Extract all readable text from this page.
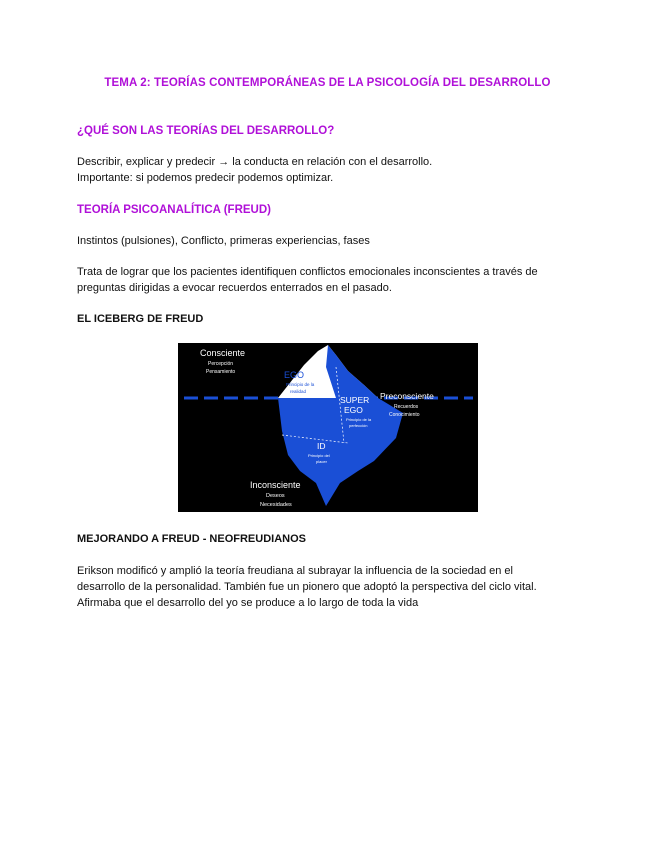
TEMA 2: TEORÍAS CONTEMPORÁNEAS DE LA PSICOLOGÍA DEL DESARROLLO
¿QUÉ SON LAS TEORÍAS DEL DESARROLLO?
Describir, explicar y predecir → la conducta en relación con el desarrollo.
Importante: si podemos predecir podemos optimizar.
TEORÍA PSICOANALÍTICA (FREUD)
Instintos (pulsiones), Conflicto, primeras experiencias, fases
Trata de lograr que los pacientes identifiquen conflictos emocionales inconscientes a través de
preguntas dirigidas a evocar recuerdos enterrados en el pasado.
EL ICEBERG DE FREUD
Consciente
Percepción
Pensamiento	EGO
Principio de la
realidad
SUPER
EGO
Principio de la
perfección
Preconsciente
Recuerdos
Conocimiento
ID
Principio del
placer
Inconsciente
Deseos
Necesidades
MEJORANDO A FREUD - NEOFREUDIANOS
Erikson modificó y amplió la teoría freudiana al subrayar la influencia de la sociedad en el
desarrollo de la personalidad. También fue un pionero que adoptó la perspectiva del ciclo vital.
Afirmaba que el desarrollo del yo se produce a lo largo de toda la vida
